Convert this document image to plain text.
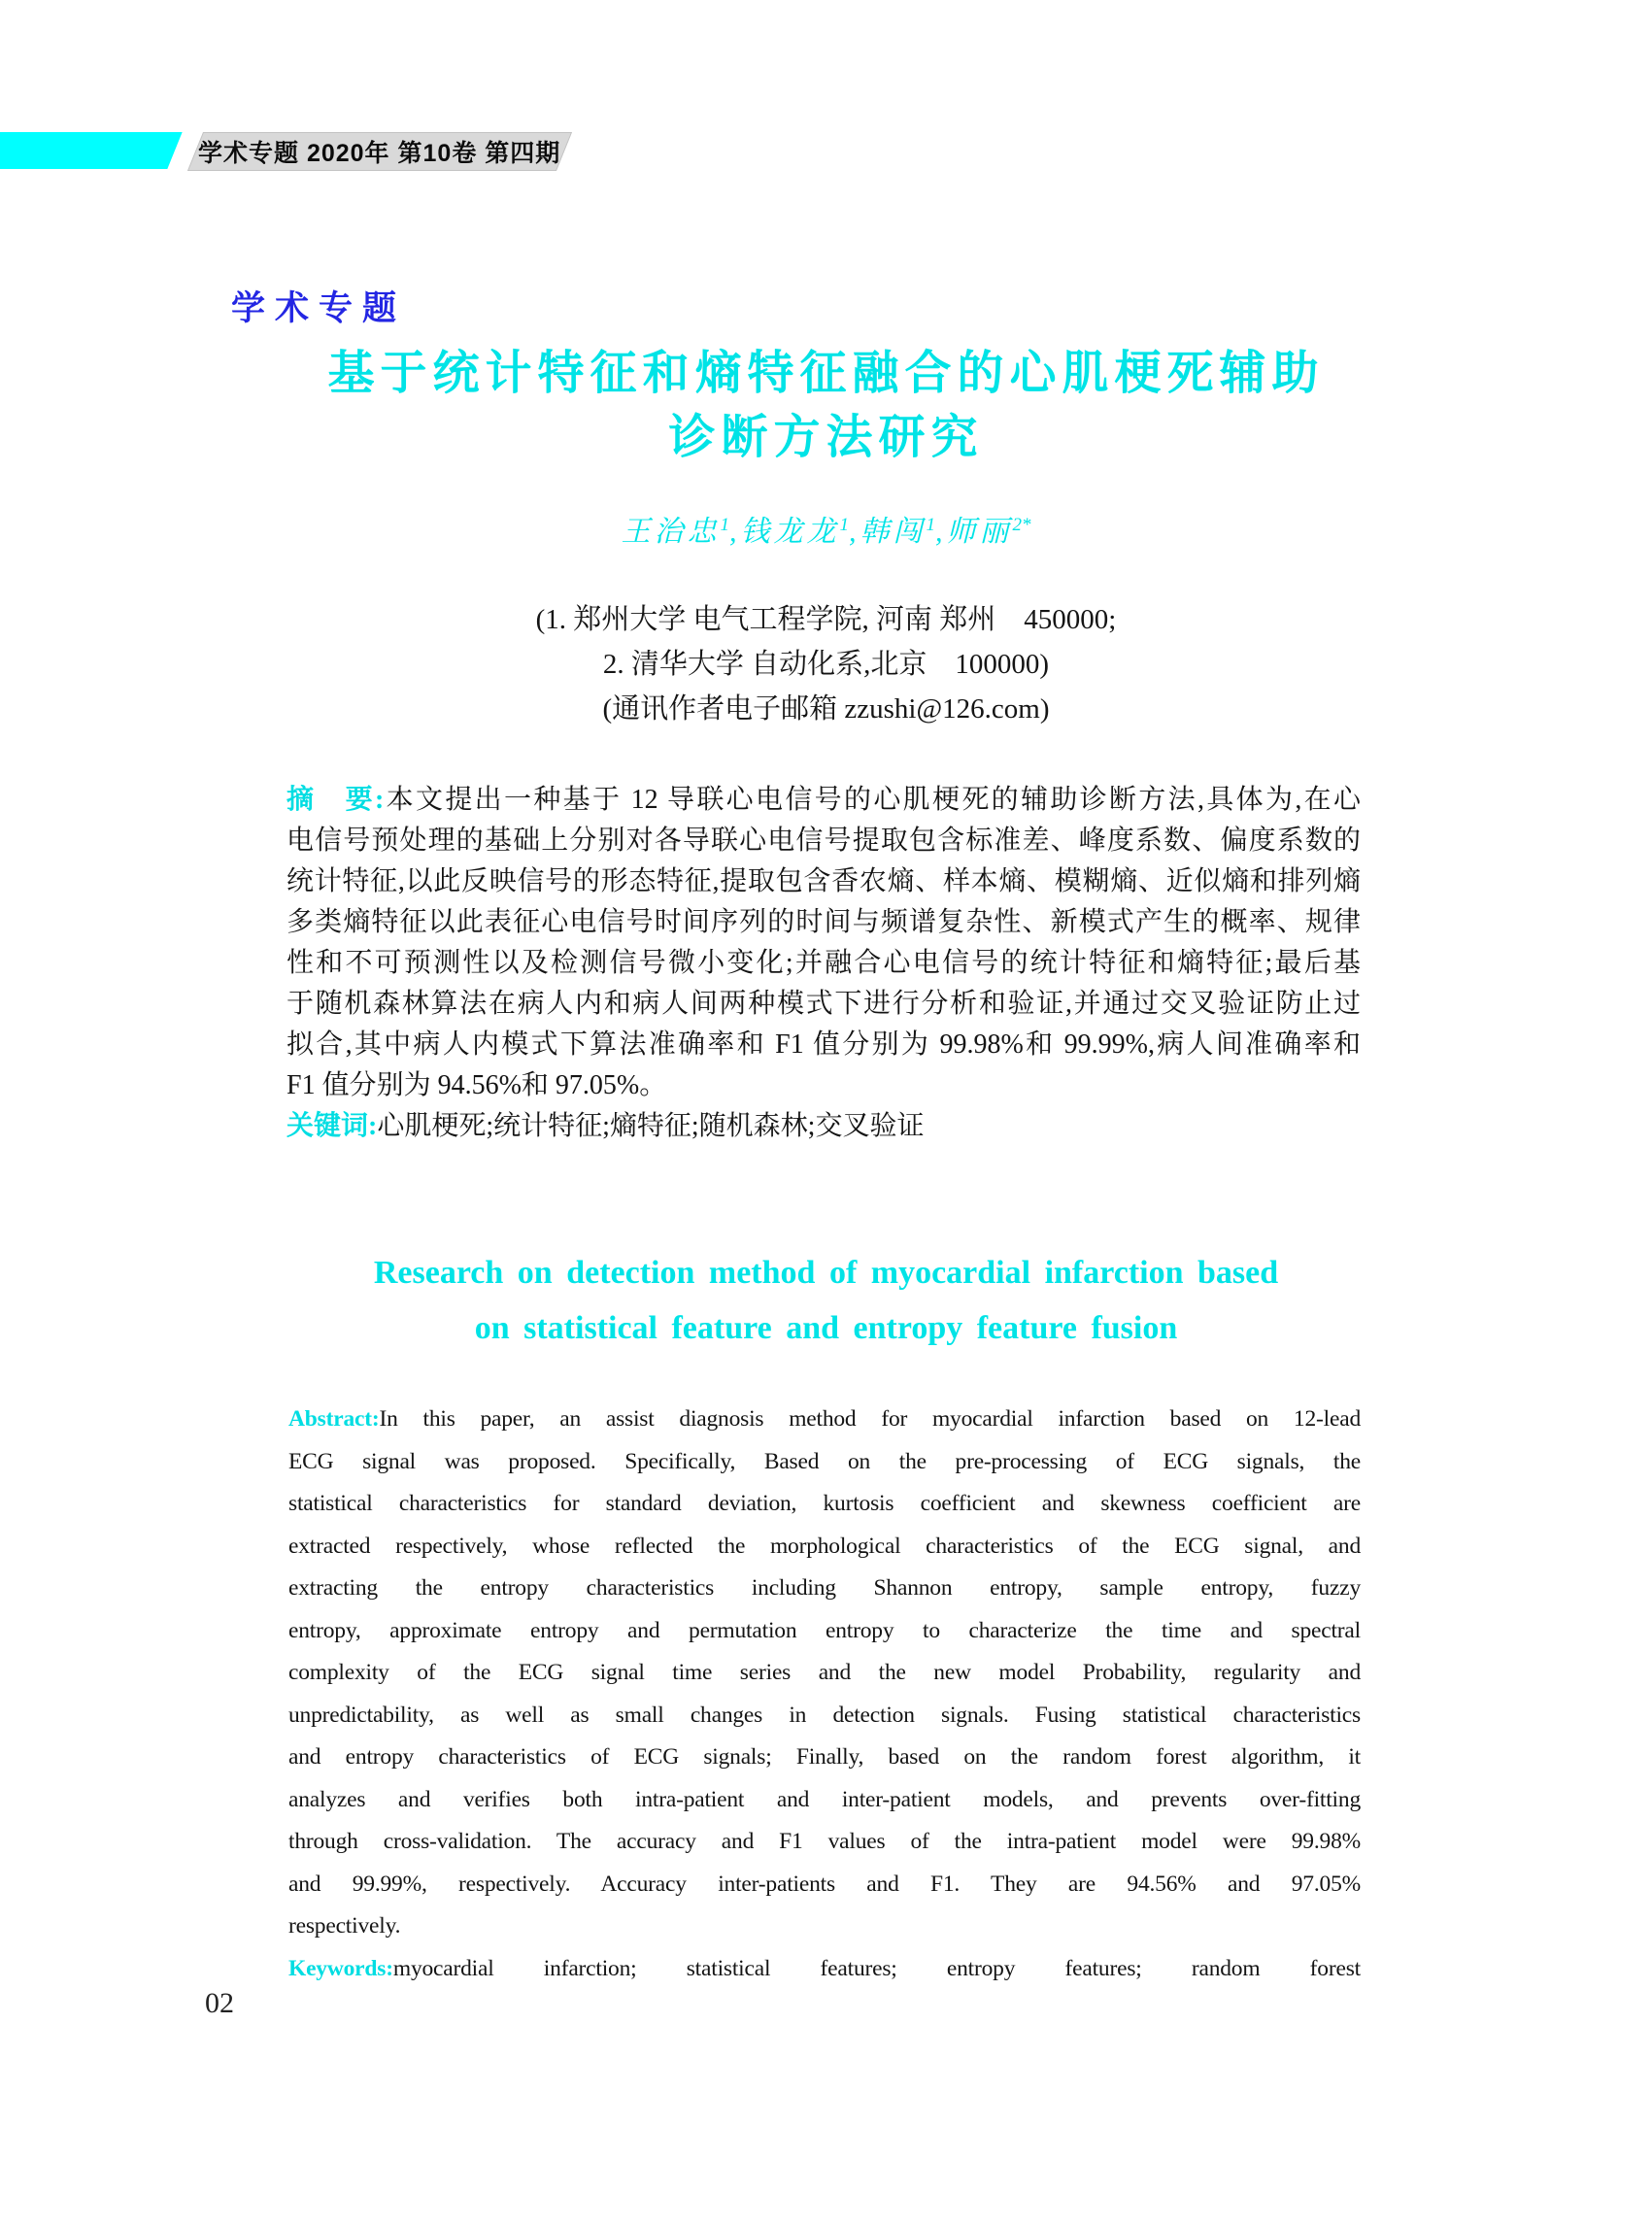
学术专题 2020年 第10卷 第四期
学术专题
基于统计特征和熵特征融合的心肌梗死辅助
诊断方法研究
王治忠$^1$,钱龙龙$^1$,韩闯$^1$,师丽$^{2*}$
(1. 郑州大学 电气工程学院, 河南 郑州　450000;
2. 清华大学 自动化系,北京　100000)
(通讯作者电子邮箱 zzushi@126.com)
摘　要:本文提出一种基于 12 导联心电信号的心肌梗死的辅助诊断方法,具体为,在心
电信号预处理的基础上分别对各导联心电信号提取包含标准差、峰度系数、偏度系数的
统计特征,以此反映信号的形态特征,提取包含香农熵、样本熵、模糊熵、近似熵和排列熵
多类熵特征以此表征心电信号时间序列的时间与频谱复杂性、新模式产生的概率、规律
性和不可预测性以及检测信号微小变化;并融合心电信号的统计特征和熵特征;最后基
于随机森林算法在病人内和病人间两种模式下进行分析和验证,并通过交叉验证防止过
拟合,其中病人内模式下算法准确率和 F1 值分别为 99.98%和 99.99%,病人间准确率和
F1 值分别为 94.56%和 97.05%。
关键词:心肌梗死;统计特征;熵特征;随机森林;交叉验证
Research on detection method of myocardial infarction based
on statistical feature and entropy feature fusion
Abstract:In this paper, an assist diagnosis method for myocardial infarction based on 12-lead
ECG signal was proposed. Specifically, Based on the pre-processing of ECG signals, the
statistical characteristics for standard deviation, kurtosis coefficient and skewness coefficient are
extracted respectively, whose reflected the morphological characteristics of the ECG signal, and
extracting the entropy characteristics including Shannon entropy, sample entropy, fuzzy
entropy, approximate entropy and permutation entropy to characterize the time and spectral
complexity of the ECG signal time series and the new model Probability, regularity and
unpredictability, as well as small changes in detection signals. Fusing statistical characteristics
and entropy characteristics of ECG signals; Finally, based on the random forest algorithm, it
analyzes and verifies both intra-patient and inter-patient models, and prevents over-fitting
through cross-validation. The accuracy and F1 values of the intra-patient model were 99.98%
and 99.99%, respectively. Accuracy inter-patients and F1. They are 94.56% and 97.05%
respectively.
Keywords:myocardial infarction; statistical features; entropy features; random forest
02
